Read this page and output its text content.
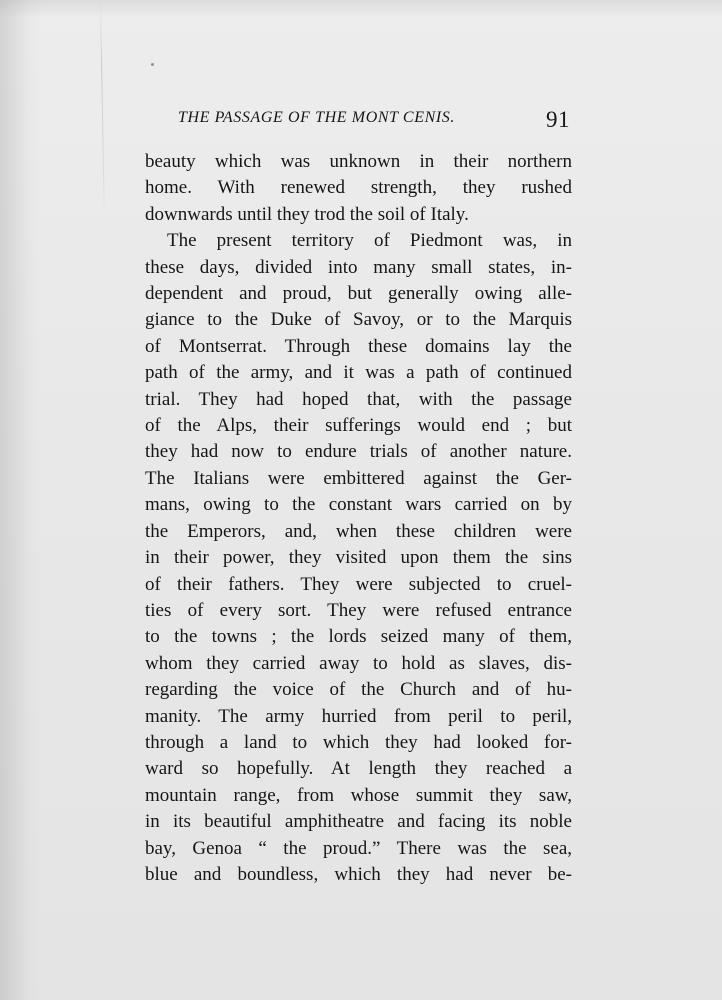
THE PASSAGE OF THE MONT CENIS.	91
beauty which was unknown in their northern
home. With renewed strength, they rushed
downwards until they trod the soil of Italy.
The present territory of Piedmont was, in
these days, divided into many small states, in-
dependent and proud, but generally owing alle-
giance to the Duke of Savoy, or to the Marquis
of Montserrat. Through these domains lay the
path of the army, and it was a path of continued
trial. They had hoped that, with the passage
of the Alps, their sufferings would end ; but
they had now to endure trials of another nature.
The Italians were embittered against the Ger-
mans, owing to the constant wars carried on by
the Emperors, and, when these children were
in their power, they visited upon them the sins
of their fathers. They were subjected to cruel-
ties of every sort. They were refused entrance
to the towns ; the lords seized many of them,
whom they carried away to hold as slaves, dis-
regarding the voice of the Church and of hu-
manity. The army hurried from peril to peril,
through a land to which they had looked for-
ward so hopefully. At length they reached a
mountain range, from whose summit they saw,
in its beautiful amphitheatre and facing its noble
bay, Genoa “ the proud.” There was the sea,
blue and boundless, which they had never be-
